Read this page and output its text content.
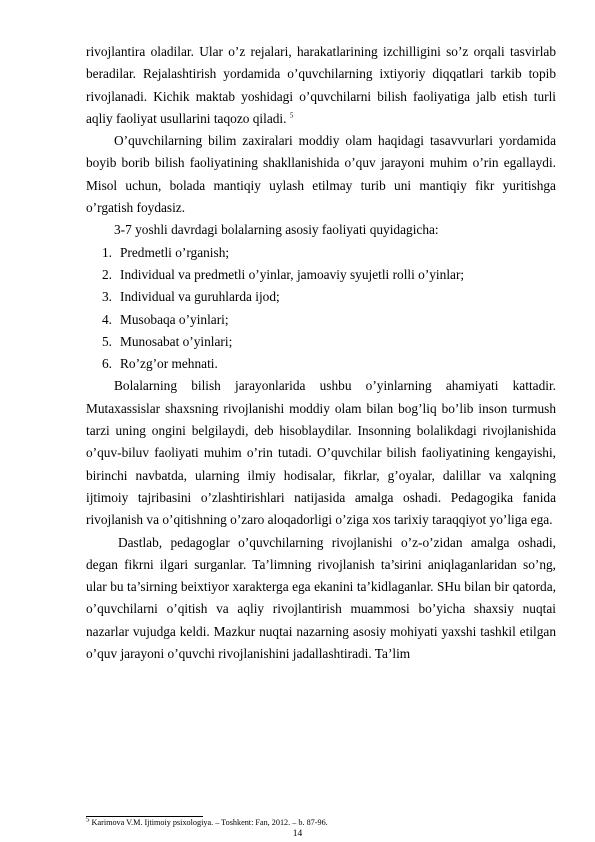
rivojlantira oladilar. Ular o’z rejalari, harakatlarining izchilligini so’z orqali tasvirlab beradilar. Rejalashtirish yordamida o’quvchilarning ixtiyoriy diqqatlari tarkib topib rivojlanadi. Kichik maktab yoshidagi o’quvchilarni bilish faoliyatiga jalb etish turli aqliy faoliyat usullarini taqozo qiladi. $^5$

O’quvchilarning bilim zaxiralari moddiy olam haqidagi tasavvurlari yordamida boyib borib bilish faoliyatining shakllanishida o’quv jarayoni muhim o’rin egallaydi. Misol uchun, bolada mantiqiy uylash etilmay turib uni mantiqiy fikr yuritishga o’rgatish foydasiz.

3-7 yoshli davrdagi bolalarning asosiy faoliyati quyidagicha:

1. Predmetli o’rganish;
2. Individual va predmetli o’yinlar, jamoaviy syujetli rolli o’yinlar;
3. Individual va guruhlarda ijod;
4. Musobaqa o’yinlari;
5. Munosabat o’yinlari;
6. Ro’zg’or mehnati.

Bolalarning bilish jarayonlarida ushbu o’yinlarning ahamiyati kattadir. Mutaxassislar shaxsning rivojlanishi moddiy olam bilan bog’liq bo’lib inson turmush tarzi uning ongini belgilaydi, deb hisoblaydilar. Insonning bolalikdagi rivojlanishida o’quv-biluv faoliyati muhim o’rin tutadi. O’quvchilar bilish faoliyatining kengayishi, birinchi navbatda, ularning ilmiy hodisalar, fikrlar, g’oyalar, dalillar va xalqning ijtimoiy tajribasini o’zlashtirishlari natijasida amalga oshadi. Pedagogika fanida rivojlanish va o’qitishning o’zaro aloqadorligi o’ziga xos tarixiy taraqqiyot yo’liga ega.

Dastlab, pedagoglar o’quvchilarning rivojlanishi o’z-o’zidan amalga oshadi, degan fikrni ilgari surganlar. Ta’limning rivojlanish ta’sirini aniqlaganlaridan so’ng, ular bu ta’sirning beixtiyor xarakterga ega ekanini ta’kidlaganlar. SHu bilan bir qatorda, o’quvchilarni o’qitish va aqliy rivojlantirish muammosi bo’yicha shaxsiy nuqtai nazarlar vujudga keldi. Mazkur nuqtai nazarning asosiy mohiyati yaxshi tashkil etilgan o’quv jarayoni o’quvchi rivojlanishini jadallashtiradi. Ta’lim

$^5$ Karimova V.M. Ijtimoiy psixologiya. – Toshkent: Fan, 2012. – b. 87-96.
14
